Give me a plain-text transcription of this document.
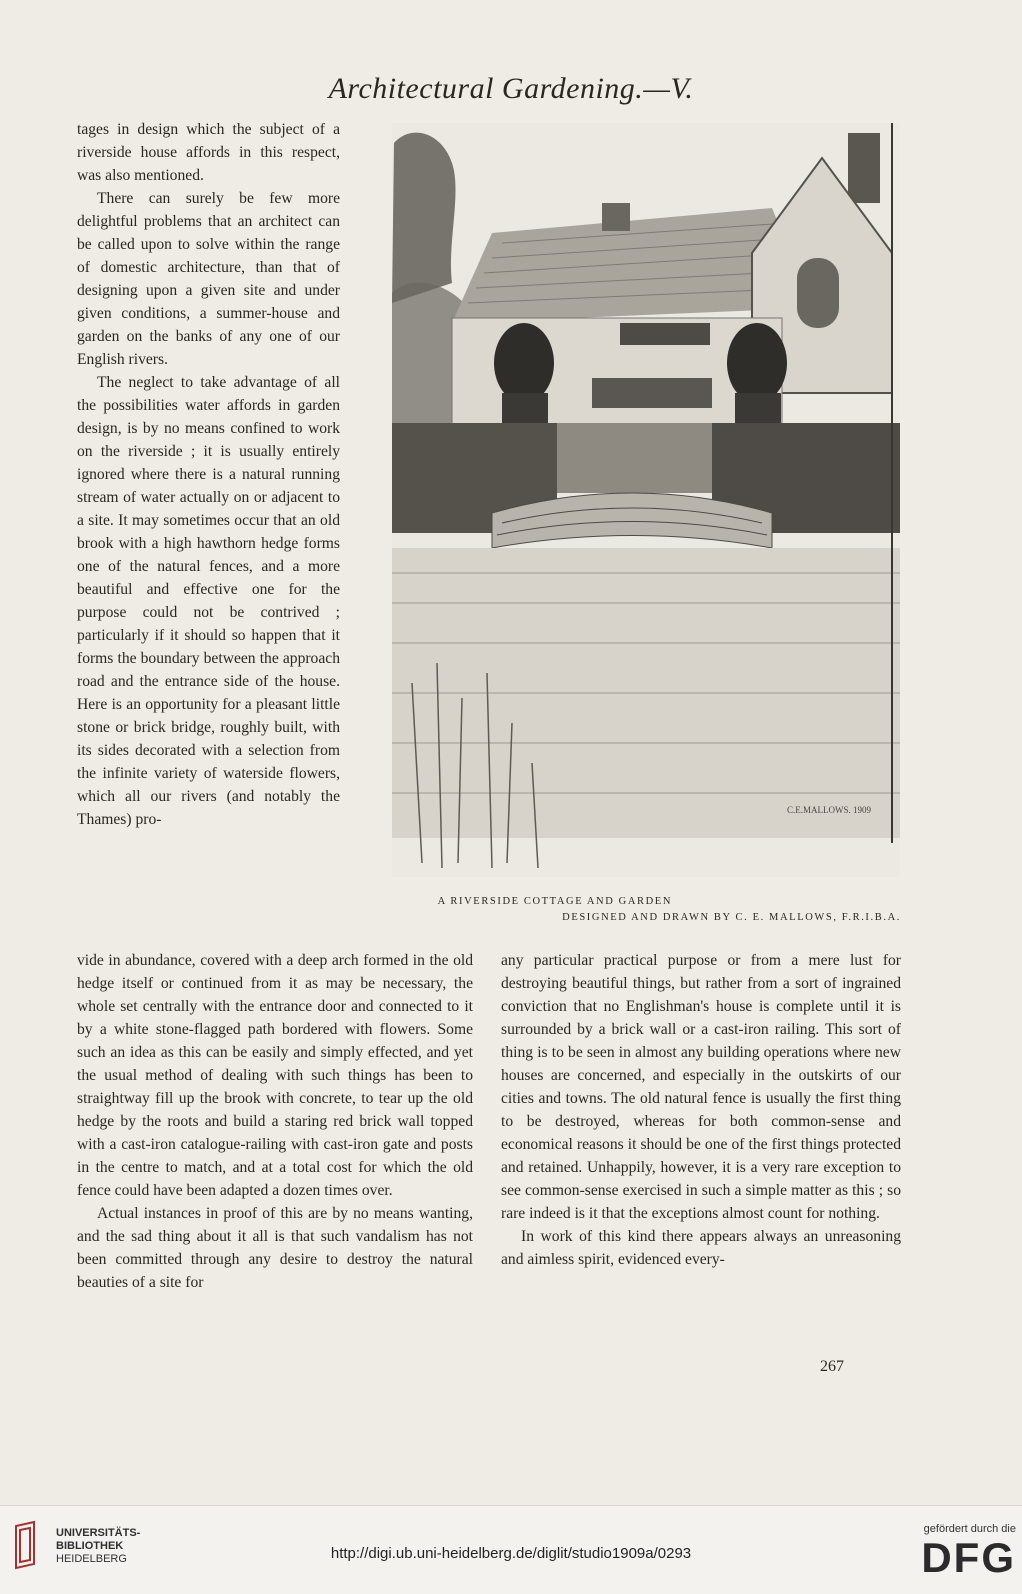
Architectural Gardening.—V.

tages in design which the subject of a riverside house affords in this respect, was also mentioned.

There can surely be few more delightful problems that an architect can be called upon to solve within the range of domestic architecture, than that of designing upon a given site and under given conditions, a summer-house and garden on the banks of any one of our English rivers.

The neglect to take advantage of all the possibilities water affords in garden design, is by no means confined to work on the riverside ; it is usually entirely ignored where there is a natural running stream of water actually on or adjacent to a site. It may sometimes occur that an old brook with a high hawthorn hedge forms one of the natural fences, and a more beautiful and effective one for the purpose could not be contrived ; particularly if it should so happen that it forms the boundary between the approach road and the entrance side of the house. Here is an opportunity for a pleasant little stone or brick bridge, roughly built, with its sides decorated with a selection from the infinite variety of waterside flowers, which all our rivers (and notably the Thames) pro-

C.E.MALLOWS. 1909
A RIVERSIDE COTTAGE AND GARDEN
DESIGNED AND DRAWN BY C. E. MALLOWS, F.R.I.B.A.

vide in abundance, covered with a deep arch formed in the old hedge itself or continued from it as may be necessary, the whole set centrally with the entrance door and connected to it by a white stone-flagged path bordered with flowers. Some such an idea as this can be easily and simply effected, and yet the usual method of dealing with such things has been to straightway fill up the brook with concrete, to tear up the old hedge by the roots and build a staring red brick wall topped with a cast-iron catalogue-railing with cast-iron gate and posts in the centre to match, and at a total cost for which the old fence could have been adapted a dozen times over.

Actual instances in proof of this are by no means wanting, and the sad thing about it all is that such vandalism has not been committed through any desire to destroy the natural beauties of a site for

any particular practical purpose or from a mere lust for destroying beautiful things, but rather from a sort of ingrained conviction that no Englishman's house is complete until it is surrounded by a brick wall or a cast-iron railing. This sort of thing is to be seen in almost any building operations where new houses are concerned, and especially in the outskirts of our cities and towns. The old natural fence is usually the first thing to be destroyed, whereas for both common-sense and economical reasons it should be one of the first things protected and retained. Unhappily, however, it is a very rare exception to see common-sense exercised in such a simple matter as this ; so rare indeed is it that the exceptions almost count for nothing.

In work of this kind there appears always an unreasoning and aimless spirit, evidenced every-

267
UNIVERSITÄTS-
BIBLIOTHEK
HEIDELBERG	http://digi.ub.uni-heidelberg.de/diglit/studio1909a/0293
gefördert durch die
DFG
